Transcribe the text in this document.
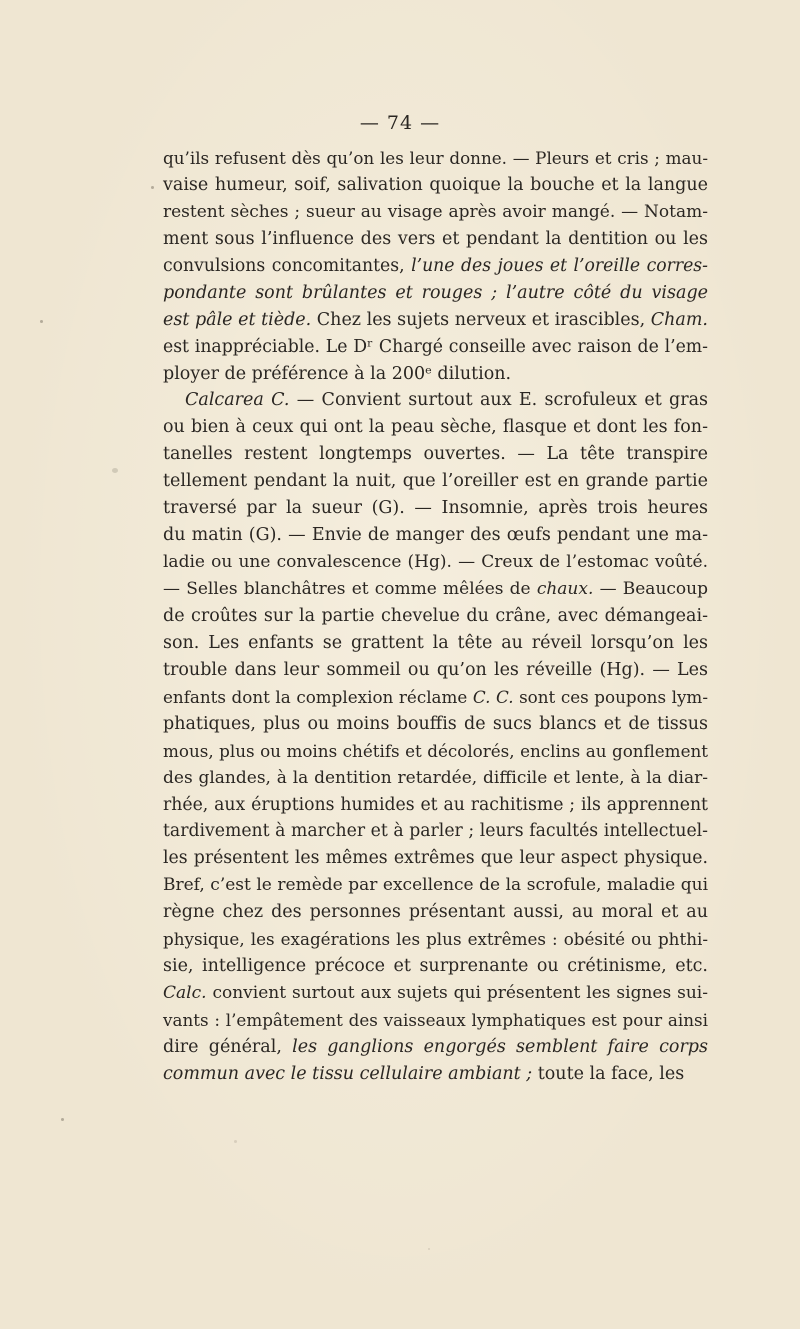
— 74 —
qu’ils refusent dès qu’on les leur donne. — Pleurs et cris ; mau-
vaise humeur, soif, salivation quoique la bouche et la langue
restent sèches ; sueur au visage après avoir mangé. — Notam-
ment sous l’influence des vers et pendant la dentition ou les
convulsions concomitantes, l’une des joues et l’oreille corres-
pondante sont brûlantes et rouges ; l’autre côté du visage
est pâle et tiède. Chez les sujets nerveux et irascibles, Cham.
est inappréciable. Le Dʳ Chargé conseille avec raison de l’em-
ployer de préférence à la 200ᵉ dilution.
Calcarea C. — Convient surtout aux E. scrofuleux et gras
ou bien à ceux qui ont la peau sèche, flasque et dont les fon-
tanelles restent longtemps ouvertes. — La tête transpire
tellement pendant la nuit, que l’oreiller est en grande partie
traversé par la sueur (G). — Insomnie, après trois heures
du matin (G). — Envie de manger des œufs pendant une ma-
ladie ou une convalescence (Hg). — Creux de l’estomac voûté.
— Selles blanchâtres et comme mêlées de chaux. — Beaucoup
de croûtes sur la partie chevelue du crâne, avec démangeai-
son. Les enfants se grattent la tête au réveil lorsqu’on les
trouble dans leur sommeil ou qu’on les réveille (Hg). — Les
enfants dont la complexion réclame C. C. sont ces poupons lym-
phatiques, plus ou moins bouffis de sucs blancs et de tissus
mous, plus ou moins chétifs et décolorés, enclins au gonflement
des glandes, à la dentition retardée, difficile et lente, à la diar-
rhée, aux éruptions humides et au rachitisme ; ils apprennent
tardivement à marcher et à parler ; leurs facultés intellectuel-
les présentent les mêmes extrêmes que leur aspect physique.
Bref, c’est le remède par excellence de la scrofule, maladie qui
règne chez des personnes présentant aussi, au moral et au
physique, les exagérations les plus extrêmes : obésité ou phthi-
sie, intelligence précoce et surprenante ou crétinisme, etc.
Calc. convient surtout aux sujets qui présentent les signes sui-
vants : l’empâtement des vaisseaux lymphatiques est pour ainsi
dire général, les ganglions engorgés semblent faire corps
commun avec le tissu cellulaire ambiant ; toute la face, les
